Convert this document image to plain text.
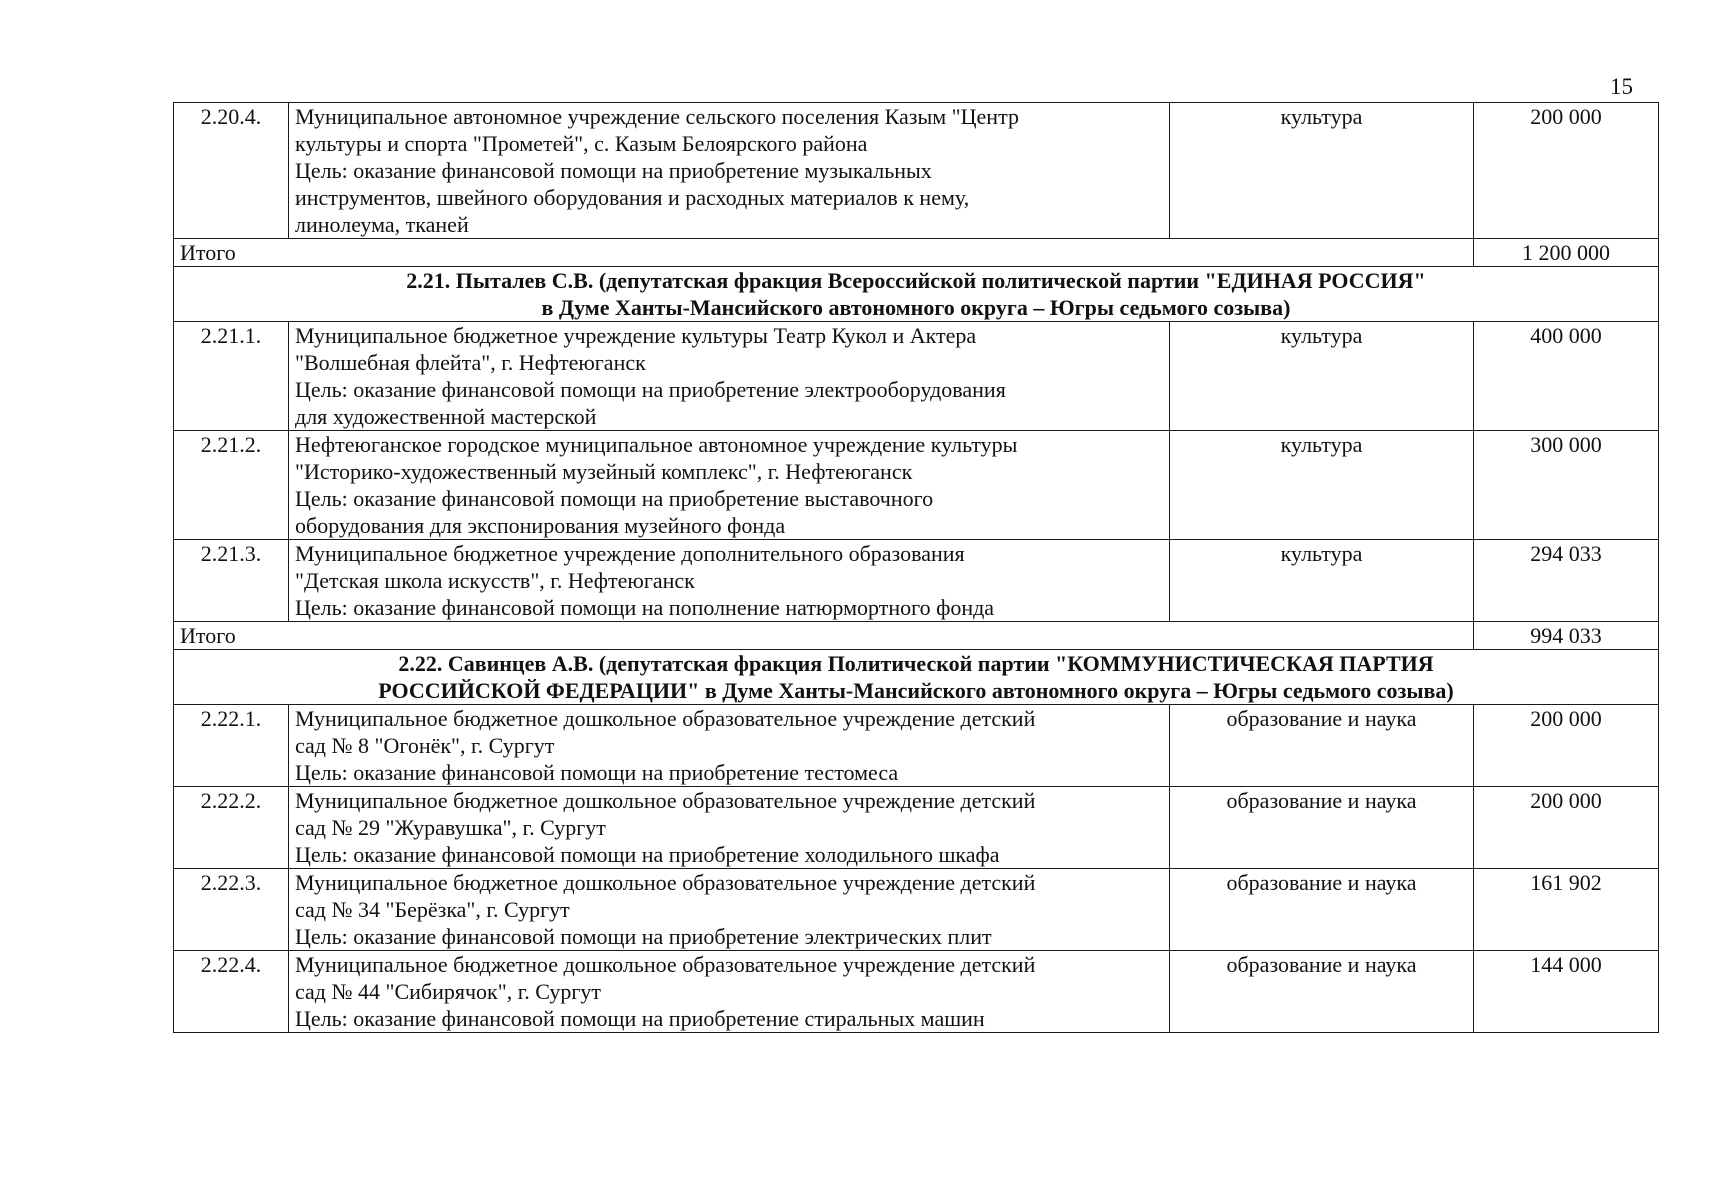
15
2.20.4.	Муниципальное автономное учреждение сельского поселения Казым "Центр
культуры и спорта "Прометей", с. Казым Белоярского района
Цель: оказание финансовой помощи на приобретение музыкальных
инструментов, швейного оборудования и расходных материалов к нему,
линолеума, тканей	культура	200 000
Итого			1 200 000

2.21. Пыталев С.В. (депутатская фракция Всероссийской политической партии "ЕДИНАЯ РОССИЯ"
в Думе Ханты-Мансийского автономного округа – Югры седьмого созыва)			

2.21.1.	Муниципальное бюджетное учреждение культуры Театр Кукол и Актера
"Волшебная флейта", г. Нефтеюганск
Цель: оказание финансовой помощи на приобретение электрооборудования
для художественной мастерской	культура	400 000
2.21.2.	Нефтеюганское городское муниципальное автономное учреждение культуры
"Историко-художественный музейный комплекс", г. Нефтеюганск
Цель: оказание финансовой помощи на приобретение выставочного
оборудования для экспонирования музейного фонда	культура	300 000
2.21.3.	Муниципальное бюджетное учреждение дополнительного образования
"Детская школа искусств", г. Нефтеюганск
Цель: оказание финансовой помощи на пополнение натюрмортного фонда	культура	294 033
Итого			994 033

2.22. Савинцев А.В. (депутатская фракция Политической партии "КОММУНИСТИЧЕСКАЯ ПАРТИЯ
РОССИЙСКОЙ ФЕДЕРАЦИИ" в Думе Ханты-Мансийского автономного округа – Югры седьмого созыва)			

2.22.1.	Муниципальное бюджетное дошкольное образовательное учреждение детский
сад № 8 "Огонёк", г. Сургут
Цель: оказание финансовой помощи на приобретение тестомеса	образование и наука	200 000
2.22.2.	Муниципальное бюджетное дошкольное образовательное учреждение детский
сад № 29 "Журавушка", г. Сургут
Цель: оказание финансовой помощи на приобретение холодильного шкафа	образование и наука	200 000
2.22.3.	Муниципальное бюджетное дошкольное образовательное учреждение детский
сад № 34 "Берёзка", г. Сургут
Цель: оказание финансовой помощи на приобретение электрических плит	образование и наука	161 902
2.22.4.	Муниципальное бюджетное дошкольное образовательное учреждение детский
сад № 44 "Сибирячок", г. Сургут
Цель: оказание финансовой помощи на приобретение стиральных машин	образование и наука	144 000
